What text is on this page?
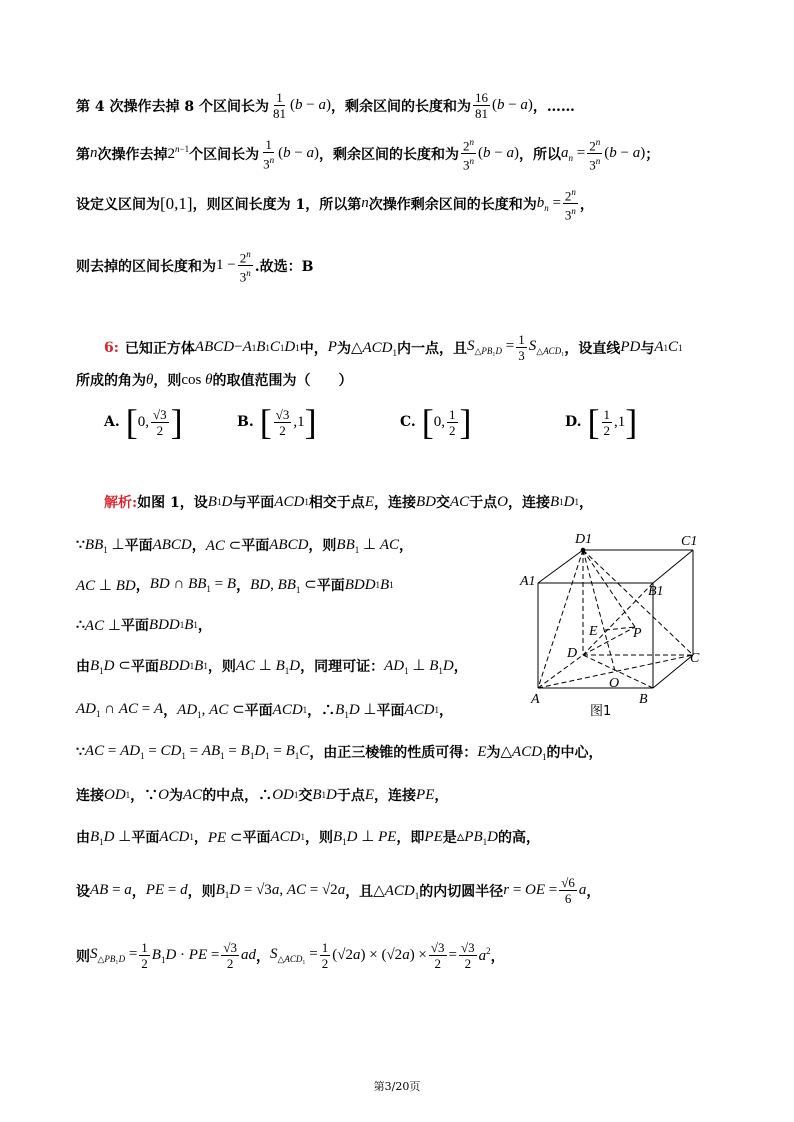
第 4 次操作去掉 8 个区间长为 $\frac{1}{81} (b - a)$ ，剩余区间的长度和为 $\frac{16}{81} (b - a)$ ，……
第 n 次操作去掉 $2^{n-1}$ 个区间长为 $\frac{1}{3^n} (b - a)$ ，剩余区间的长度和为 $\frac{2^n}{3^n} (b - a)$ ，所以 $a_n = \frac{2^n}{3^n} (b - a)$ ；
设定义区间为 [0,1] ，则区间长度为 1，所以第 n 次操作剩余区间的长度和为 $b_n = \frac{2^n}{3^n}$ ，
则去掉的区间长度和为 $1 - \frac{2^n}{3^n}$ .故选：B
6: 已知正方体 ABCD − A 1 B 1 C 1 D 1 中， P 为 $\triangle ACD_1$ 内一点，且 $S_{\triangle PB_1D} = \frac{1}{3} S_{\triangle ACD_1}$ ，设直线 PD 与 A 1 C 1
所成的角为 θ ，则 cos θ 的取值范围为（　　）
A. [ 0, $\frac{√3}{2}$ ]	B. [ $\frac{√3}{2} ,1$ ]	C. [ 0, $\frac{1}{2}$ ]	D. [ $\frac{1}{2} ,1$ ]
解析: 如图 1，设 B 1 D 与平面 ACD 1 相交于点 E ，连接 BD 交 AC 于点 O ，连接 B 1 D 1 ，
∵ $BB_1$ ⊥ 平面 ABCD ， AC ⊂ 平面 ABCD ，则 $BB_1$ ⊥ AC ，
AC ⊥ BD ， BD ∩ $BB_1 = B$ ， BD, $BB_1$ ⊂ 平面 BDD 1 B 1
∴ AC ⊥ 平面 BDD 1 B 1 ，
由 $B_1D$ ⊂ 平面 BDD 1 B 1 ，则 AC ⊥ $B_1D$ ，同理可证： $AD_1$ ⊥ $B_1D$ ，
$AD_1$ ∩ AC = A ， $AD_1$, AC ⊂ 平面 ACD 1 ，∴ $B_1D$ ⊥ 平面 ACD 1 ，
∵ AC = $AD_1 = CD_1 = AB_1 = B_1D_1 = B_1C$ ，由正三棱锥的性质可得： E 为 $\triangle ACD_1$ 的中心，
连接 OD 1 ，∵ O 为 AC 的中点，∴ OD 1 交 B 1 D 于点 E ，连接 PE ，
由 $B_1D$ ⊥ 平面 ACD 1 ， PE ⊂ 平面 ACD 1 ，则 $B_1D$ ⊥ PE ，即 PE 是 $▵PB_1D$ 的高，
设 AB = a ， PE = d ，则 $B_1D = √3a$, AC = √2a ，且 $\triangle ACD_1$ 的内切圆半径 r = OE = $\frac{√6}{6}$ a ，
则 $S_{\triangle PB_1D} = \frac{1}{2} B_1D$ · PE = $\frac{√3}{2}$ ad ， $S_{\triangle ACD_1} = \frac{1}{2} (√2a) \times (√2a) \times \frac{√3}{2} = \frac{√3}{2} a^2$ ，
D1	C1
A1
B1
E	P
D	C
O
A	B
图1
第3/20页
